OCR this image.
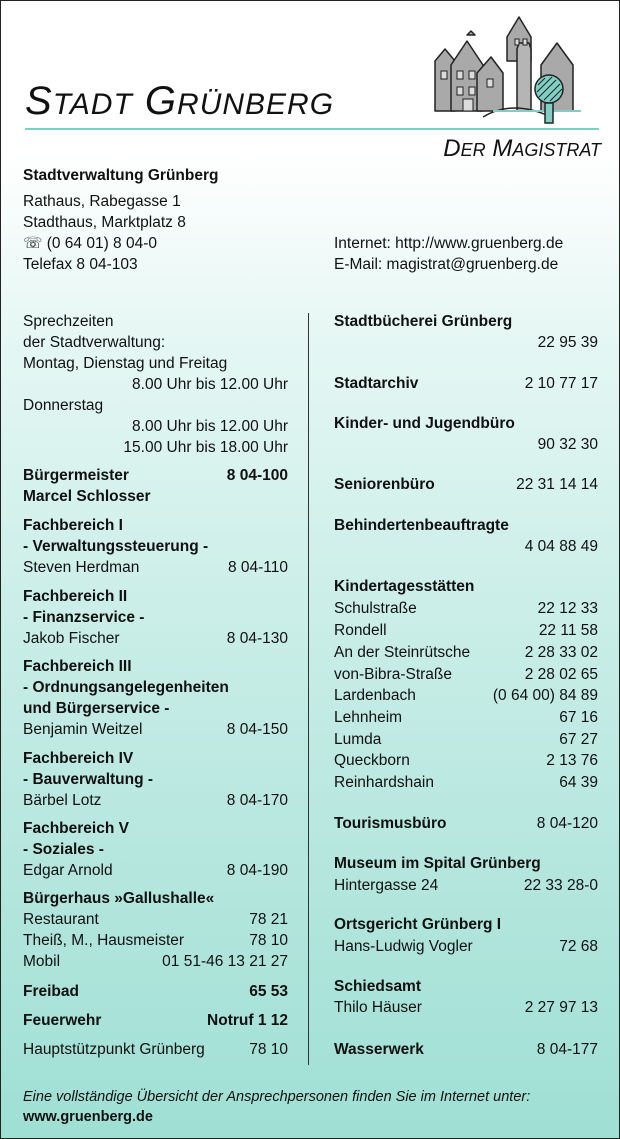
STADT GRÜNBERG
DER MAGISTRAT
Stadtverwaltung Grünberg
Rathaus, Rabegasse 1
Stadthaus, Marktplatz 8
☏ (0 64 01) 8 04-0
Telefax 8 04-103
Internet: http://www.gruenberg.de
E-Mail: magistrat@gruenberg.de
Sprechzeiten
der Stadtverwaltung:
Montag, Dienstag und Freitag
8.00 Uhr bis 12.00 Uhr
Donnerstag
8.00 Uhr bis 12.00 Uhr
15.00 Uhr bis 18.00 Uhr
Bürgermeister	8 04-100
Marcel Schlosser
Fachbereich I
- Verwaltungssteuerung -
Steven Herdman	8 04-110
Fachbereich II
- Finanzservice -
Jakob Fischer	8 04-130
Fachbereich III
- Ordnungsangelegenheiten
und Bürgerservice -
Benjamin Weitzel	8 04-150
Fachbereich IV
- Bauverwaltung -
Bärbel Lotz	8 04-170
Fachbereich V
- Soziales -
Edgar Arnold	8 04-190
Bürgerhaus »Gallushalle«
Restaurant	78 21
Theiß, M., Hausmeister	78 10
Mobil	01 51-46 13 21 27
Freibad	65 53
Feuerwehr	Notruf 1 12
Hauptstützpunkt Grünberg	78 10
Stadtbücherei Grünberg
22 95 39
Stadtarchiv	2 10 77 17
Kinder- und Jugendbüro
90 32 30
Seniorenbüro	22 31 14 14
Behindertenbeauftragte
4 04 88 49
Kindertagesstätten
Schulstraße	22 12 33
Rondell	22 11 58
An der Steinrütsche	2 28 33 02
von-Bibra-Straße	2 28 02 65
Lardenbach	(0 64 00) 84 89
Lehnheim	67 16
Lumda	67 27
Queckborn	2 13 76
Reinhardshain	64 39
Tourismusbüro	8 04-120
Museum im Spital Grünberg
Hintergasse 24	22 33 28-0
Ortsgericht Grünberg I
Hans-Ludwig Vogler	72 68
Schiedsamt
Thilo Häuser	2 27 97 13
Wasserwerk	8 04-177
Eine vollständige Übersicht der Ansprechpersonen finden Sie im Internet unter:
www.gruenberg.de
